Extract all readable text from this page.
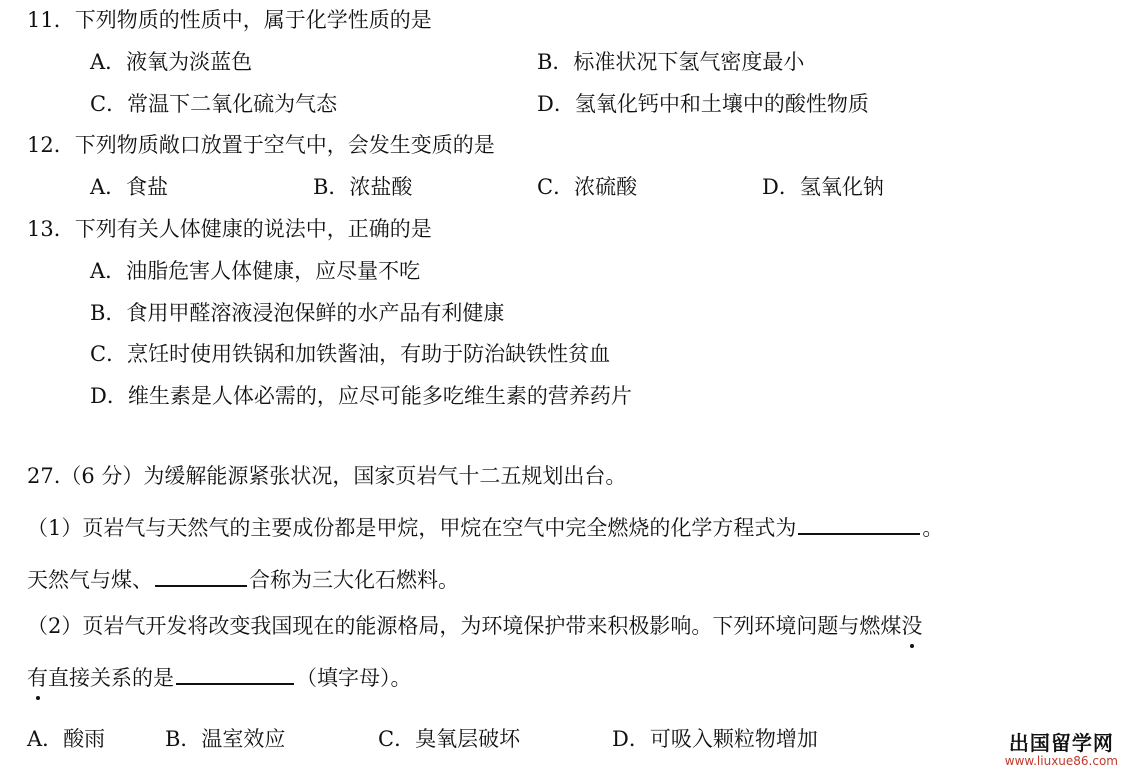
11．下列物质的性质中，属于化学性质的是
A．液氧为淡蓝色	B．标准状况下氢气密度最小
C．常温下二氧化硫为气态	D．氢氧化钙中和土壤中的酸性物质
12．下列物质敞口放置于空气中，会发生变质的是
A．食盐	B．浓盐酸	C．浓硫酸	D．氢氧化钠
13．下列有关人体健康的说法中，正确的是
A．油脂危害人体健康，应尽量不吃
B．食用甲醛溶液浸泡保鲜的水产品有利健康
C．烹饪时使用铁锅和加铁酱油，有助于防治缺铁性贫血
D．维生素是人体必需的，应尽可能多吃维生素的营养药片
27.（6 分）为缓解能源紧张状况，国家页岩气十二五规划出台。
（1）页岩气与天然气的主要成份都是甲烷，甲烷在空气中完全燃烧的化学方程式为	。
天然气与煤、	合称为三大化石燃料。
（2）页岩气开发将改变我国现在的能源格局，为环境保护带来积极影响。下列环境问题与燃煤没
有
直接关系的是	（填字母）。
A．酸雨	B．温室效应	C．臭氧层破坏	D．可吸入颗粒物增加	出国留学网
www.liuxue86.com
